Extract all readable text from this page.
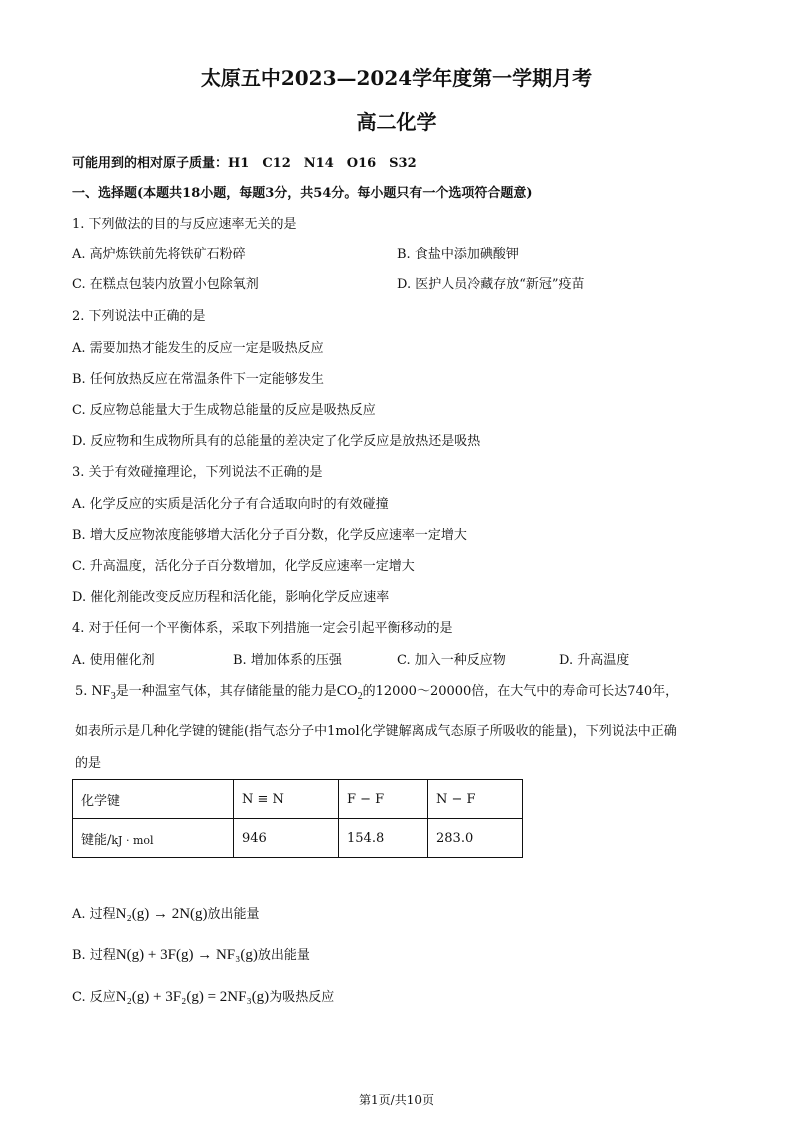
太原五中2023—2024学年度第一学期月考
高二化学
可能用到的相对原子质量：H1　C12　N14　O16　S32
一、选择题(本题共18小题，每题3分，共54分。每小题只有一个选项符合题意)
1. 下列做法的目的与反应速率无关的是
A. 高炉炼铁前先将铁矿石粉碎	B. 食盐中添加碘酸钾
C. 在糕点包装内放置小包除氧剂	D. 医护人员冷藏存放“新冠”疫苗
2. 下列说法中正确的是
A. 需要加热才能发生的反应一定是吸热反应
B. 任何放热反应在常温条件下一定能够发生
C. 反应物总能量大于生成物总能量的反应是吸热反应
D. 反应物和生成物所具有的总能量的差决定了化学反应是放热还是吸热
3. 关于有效碰撞理论，下列说法不正确的是
A. 化学反应的实质是活化分子有合适取向时的有效碰撞
B. 增大反应物浓度能够增大活化分子百分数，化学反应速率一定增大
C. 升高温度，活化分子百分数增加，化学反应速率一定增大
D. 催化剂能改变反应历程和活化能，影响化学反应速率
4. 对于任何一个平衡体系，采取下列措施一定会引起平衡移动的是
A. 使用催化剂	B. 增加体系的压强	C. 加入一种反应物	D. 升高温度
5. $NF_3$是一种温室气体，其存储能量的能力是$CO_2$的12000～20000倍，在大气中的寿命可长达740年，
如表所示是几种化学键的键能(指气态分子中1mol化学键解离成气态原子所吸收的能量)，下列说法中正确
的是
化学键	N ≡ N	F − F	N − F
键能/kJ · mol	946	154.8	283.0
A. 过程N₂(g) → 2N(g)放出能量
B. 过程N(g) + 3F(g) → NF₃(g)放出能量
C. 反应N₂(g) + 3F₂(g) = 2NF₃(g)为吸热反应
第1页/共10页
